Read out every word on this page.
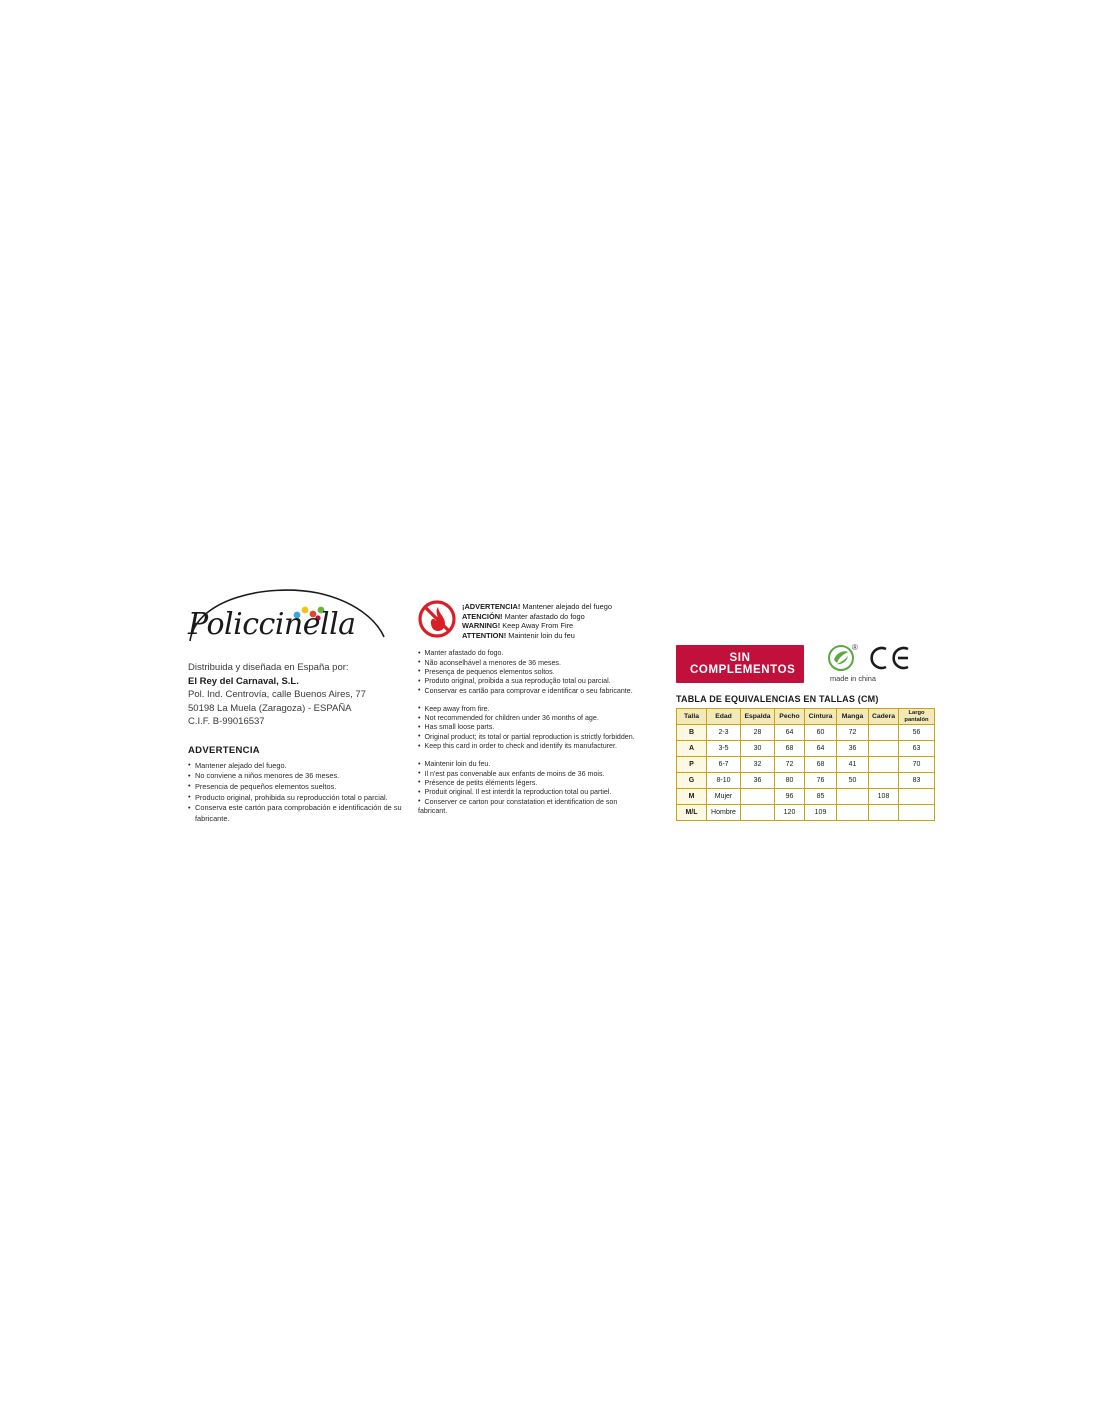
Policcinella
Distribuida y diseñada en España por:
El Rey del Carnaval, S.L.
Pol. Ind. Centrovía, calle Buenos Aires, 77
50198 La Muela (Zaragoza) - ESPAÑA
C.I.F. B-99016537
ADVERTENCIA
• Mantener alejado del fuego.
• No conviene a niños menores de 36 meses.
• Presencia de pequeños elementos sueltos.
• Producto original, prohibida su reproducción total o parcial.
• Conserva este cartón para comprobación e identificación de su fabricante.
¡ADVERTENCIA! Mantener alejado del fuego
ATENCIÓN! Manter afastado do fogo
WARNING! Keep Away From Fire
ATTENTION! Maintenir loin du feu
• Manter afastado do fogo.
• Não aconselhável a menores de 36 meses.
• Presença de pequenos elementos soltos.
• Produto original, proibida a sua reprodução total ou parcial.
• Conservar es cartão para comprovar e identificar o seu fabricante.
• Keep away from fire.
• Not recommended for children under 36 months of age.
• Has small loose parts.
• Original product; its total or partial reproduction is strictly forbidden.
• Keep this card in order to check and identify its manufacturer.
• Maintenir loin du feu.
• Il n'est pas convenable aux enfants de moins de 36 mois.
• Présence de petits éléments légers.
• Produit original. Il est interdit la reproduction total ou partiel.
• Conserver ce carton pour constatation et identification de son
fabricant.
SIN COMPLEMENTOS
®
made in china
TABLA DE EQUIVALENCIAS EN TALLAS (CM)
Talla	Edad	Espalda	Pecho	Cintura	Manga	Cadera	Largo pantalón
B	2-3	28	64	60	72		56
A	3-5	30	68	64	36		63
P	6-7	32	72	68	41		70
G	8-10	36	80	76	50		83
M	Mujer		96	85		108	
M/L	Hombre		120	109			
